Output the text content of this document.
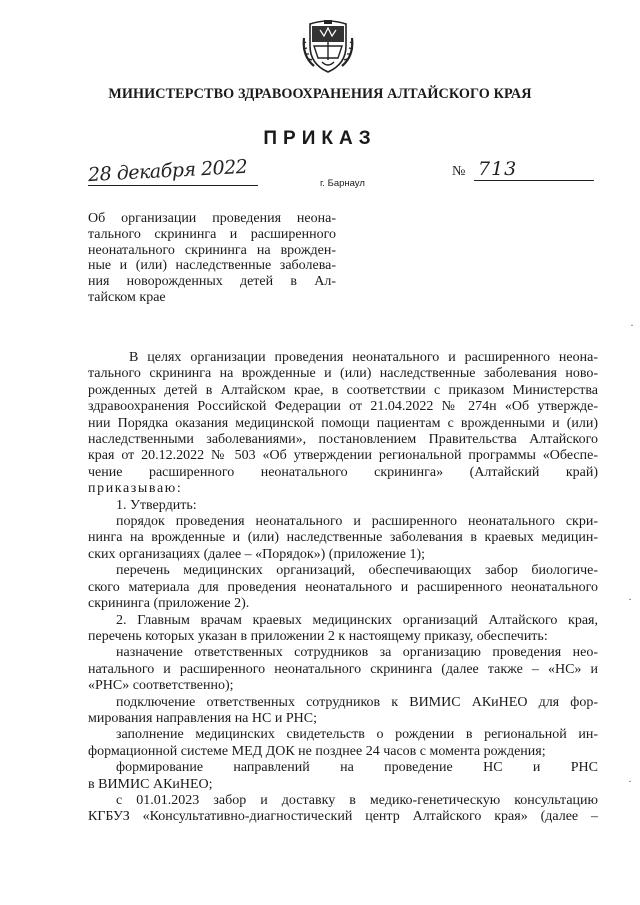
МИНИСТЕРСТВО ЗДРАВООХРАНЕНИЯ АЛТАЙСКОГО КРАЯ
ПРИКАЗ
28 декабря 2022	г. Барнаул
№ 713
Об организации проведения неона-
тального скрининга и расширенного
неонатального скрининга на врожден-
ные и (или) наследственные заболева-
ния новорожденных детей в Ал-
тайском крае
В целях организации проведения неонатального и расширенного неона-
тального скрининга на врожденные и (или) наследственные заболевания ново-
рожденных детей в Алтайском крае, в соответствии с приказом Министерства
здравоохранения Российской Федерации от 21.04.2022 № 274н «Об утвержде-
нии Порядка оказания медицинской помощи пациентам с врожденными и (или)
наследственными заболеваниями», постановлением Правительства Алтайского
края от 20.12.2022 № 503 «Об утверждении региональной программы «Обеспе-
чение расширенного неонатального скрининга» (Алтайский край)
приказываю:
1. Утвердить:
порядок проведения неонатального и расширенного неонатального скри-
нинга на врожденные и (или) наследственные заболевания в краевых медицин-
ских организациях (далее – «Порядок») (приложение 1);
перечень медицинских организаций, обеспечивающих забор биологиче-
ского материала для проведения неонатального и расширенного неонатального
скрининга (приложение 2).
2. Главным врачам краевых медицинских организаций Алтайского края,
перечень которых указан в приложении 2 к настоящему приказу, обеспечить:
назначение ответственных сотрудников за организацию проведения нео-
натального и расширенного неонатального скрининга (далее также – «НС» и
«РНС» соответственно);
подключение ответственных сотрудников к ВИМИС АКиНЕО для фор-
мирования направления на НС и РНС;
заполнение медицинских свидетельств о рождении в региональной ин-
формационной системе МЕД ДОК не позднее 24 часов с момента рождения;
формирование направлений на проведение НС и РНС
в ВИМИС АКиНЕО;
с 01.01.2023 забор и доставку в медико-генетическую консультацию
КГБУЗ «Консультативно-диагностический центр Алтайского края» (далее –
·
·
·
